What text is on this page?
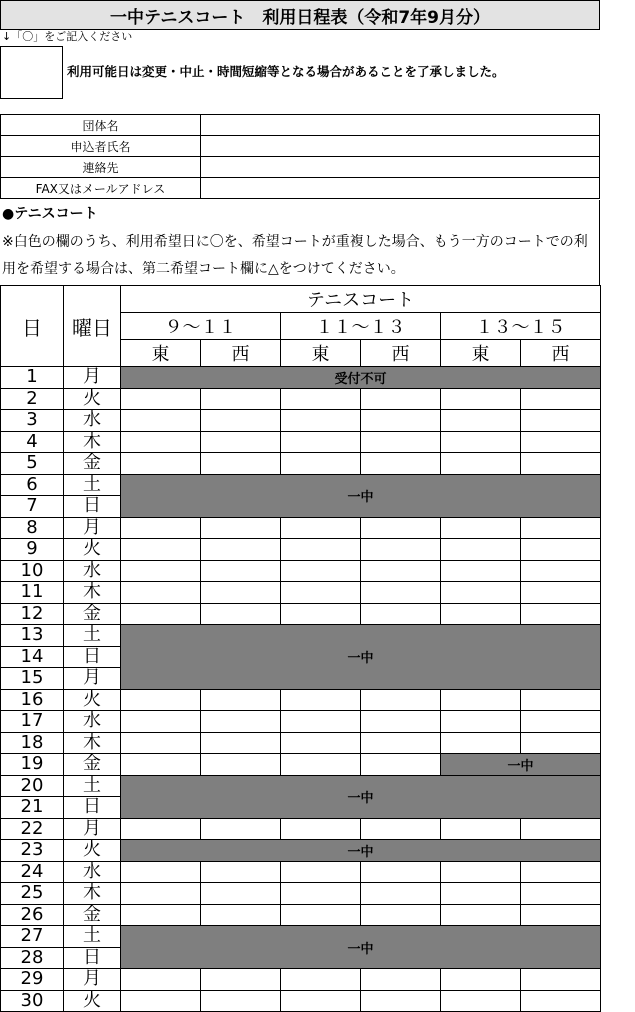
一中テニスコート　利用日程表（令和7年9月分）
↓「〇」をご記入ください
利用可能日は変更・中止・時間短縮等となる場合があることを了承しました。
団体名	
申込者氏名	
連絡先	
FAX又はメールアドレス	
●テニスコート
※白色の欄のうち、利用希望日に〇を、希望コートが重複した場合、もう一方のコートでの利用を希望する場合は、第二希望コート欄に△をつけてください。
日	曜日	テニスコート					
		９～１１		１１～１３		１３～１５	
		東	西	東	西	東	西
1	月	受付不可					
2	火						
3	水						
4	木						
5	金						
6	土	一中					
7	日						
8	月						
9	火						
10	水						
11	木						
12	金						
13	土	一中					
14	日						
15	月						
16	火						
17	水						
18	木						
19	金					一中	
20	土	一中					
21	日						
22	月						
23	火	一中					
24	水						
25	木						
26	金						
27	土	一中					
28	日						
29	月						
30	火						
